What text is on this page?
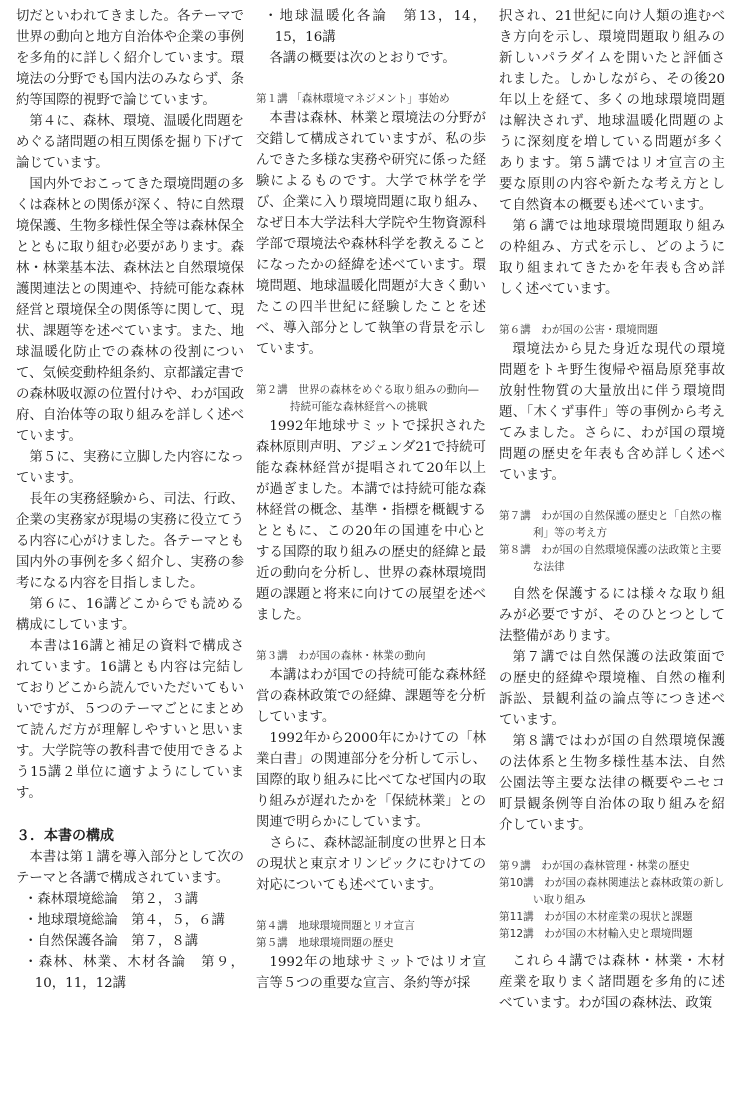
切だといわれてきました。各テーマで世界の動向と地方自治体や企業の事例を多角的に詳しく紹介しています。環境法の分野でも国内法のみならず、条約等国際的視野で論じています。

第４に、森林、環境、温暖化問題をめぐる諸問題の相互関係を掘り下げて論じています。

国内外でおこってきた環境問題の多くは森林との関係が深く、特に自然環境保護、生物多様性保全等は森林保全とともに取り組む必要があります。森林・林業基本法、森林法と自然環境保護関連法との関連や、持続可能な森林経営と環境保全の関係等に関して、現状、課題等を述べています。また、地球温暖化防止での森林の役割について、気候変動枠組条約、京都議定書での森林吸収源の位置付けや、わが国政府、自治体等の取り組みを詳しく述べています。

第５に、実務に立脚した内容になっています。

長年の実務経験から、司法、行政、企業の実務家が現場の実務に役立てうる内容に心がけました。各テーマとも国内外の事例を多く紹介し、実務の参考になる内容を目指しました。

第６に、16講どこからでも読める構成にしています。

本書は16講と補足の資料で構成されています。16講とも内容は完結しておりどこから読んでいただいてもいいですが、５つのテーマごとにまとめて読んだ方が理解しやすいと思います。大学院等の教科書で使用できるよう15講２単位に適すようにしています。

３．本書の構成

本書は第１講を導入部分として次のテーマと各講で構成されています。

・森林環境総論　第２，３講

・地球環境総論　第４，５，６講

・自然保護各論　第７，８講

・森林、林業、木材各論　第９，10，11，12講

・地球温暖化各論　第13，14，15，16講

各講の概要は次のとおりです。

第１講 「森林環境マネジメント」事始め

本書は森林、林業と環境法の分野が交錯して構成されていますが、私の歩んできた多様な実務や研究に係った経験によるものです。大学で林学を学び、企業に入り環境問題に取り組み、なぜ日本大学法科大学院や生物資源科学部で環境法や森林科学を教えることになったかの経緯を述べています。環境問題、地球温暖化問題が大きく動いたこの四半世紀に経験したことを述べ、導入部分として執筆の背景を示しています。

第２講　世界の森林をめぐる取り組みの動向―持続可能な森林経営への挑戦

1992年地球サミットで採択された森林原則声明、アジェンダ21で持続可能な森林経営が提唱されて20年以上が過ぎました。本講では持続可能な森林経営の概念、基準・指標を概観するとともに、この20年の国連を中心とする国際的取り組みの歴史的経緯と最近の動向を分析し、世界の森林環境問題の課題と将来に向けての展望を述べました。

第３講　わが国の森林・林業の動向

本講はわが国での持続可能な森林経営の森林政策での経緯、課題等を分析しています。

1992年から2000年にかけての「林業白書」の関連部分を分析して示し、国際的取り組みに比べてなぜ国内の取り組みが遅れたかを「保続林業」との関連で明らかにしています。

さらに、森林認証制度の世界と日本の現状と東京オリンピックにむけての対応についても述べています。

第４講　地球環境問題とリオ宣言

第５講　地球環境問題の歴史

1992年の地球サミットではリオ宣言等５つの重要な宣言、条約等が採

択され、21世紀に向け人類の進むべき方向を示し、環境問題取り組みの新しいパラダイムを開いたと評価されました。しかしながら、その後20年以上を経て、多くの地球環境問題は解決されず、地球温暖化問題のように深刻度を増している問題が多くあります。第５講ではリオ宣言の主要な原則の内容や新たな考え方として自然資本の概要も述べています。

第６講では地球環境問題取り組みの枠組み、方式を示し、どのように取り組まれてきたかを年表も含め詳しく述べています。

第６講　わが国の公害・環境問題

環境法から見た身近な現代の環境問題をトキ野生復帰や福島原発事故放射性物質の大量放出に伴う環境問題、「木くず事件」等の事例から考えてみました。さらに、わが国の環境問題の歴史を年表も含め詳しく述べています。

第７講　わが国の自然保護の歴史と「自然の権利」等の考え方

第８講　わが国の自然環境保護の法政策と主要な法律

自然を保護するには様々な取り組みが必要ですが、そのひとつとして法整備があります。

第７講では自然保護の法政策面での歴史的経緯や環境権、自然の権利訴訟、景観利益の論点等につき述べています。

第８講ではわが国の自然環境保護の法体系と生物多様性基本法、自然公園法等主要な法律の概要やニセコ町景観条例等自治体の取り組みを紹介しています。

第９講　わが国の森林管理・林業の歴史

第10講　わが国の森林関連法と森林政策の新しい取り組み

第11講　わが国の木材産業の現状と課題

第12講　わが国の木材輸入史と環境問題

これら４講では森林・林業・木材産業を取りまく諸問題を多角的に述べています。わが国の森林法、政策
